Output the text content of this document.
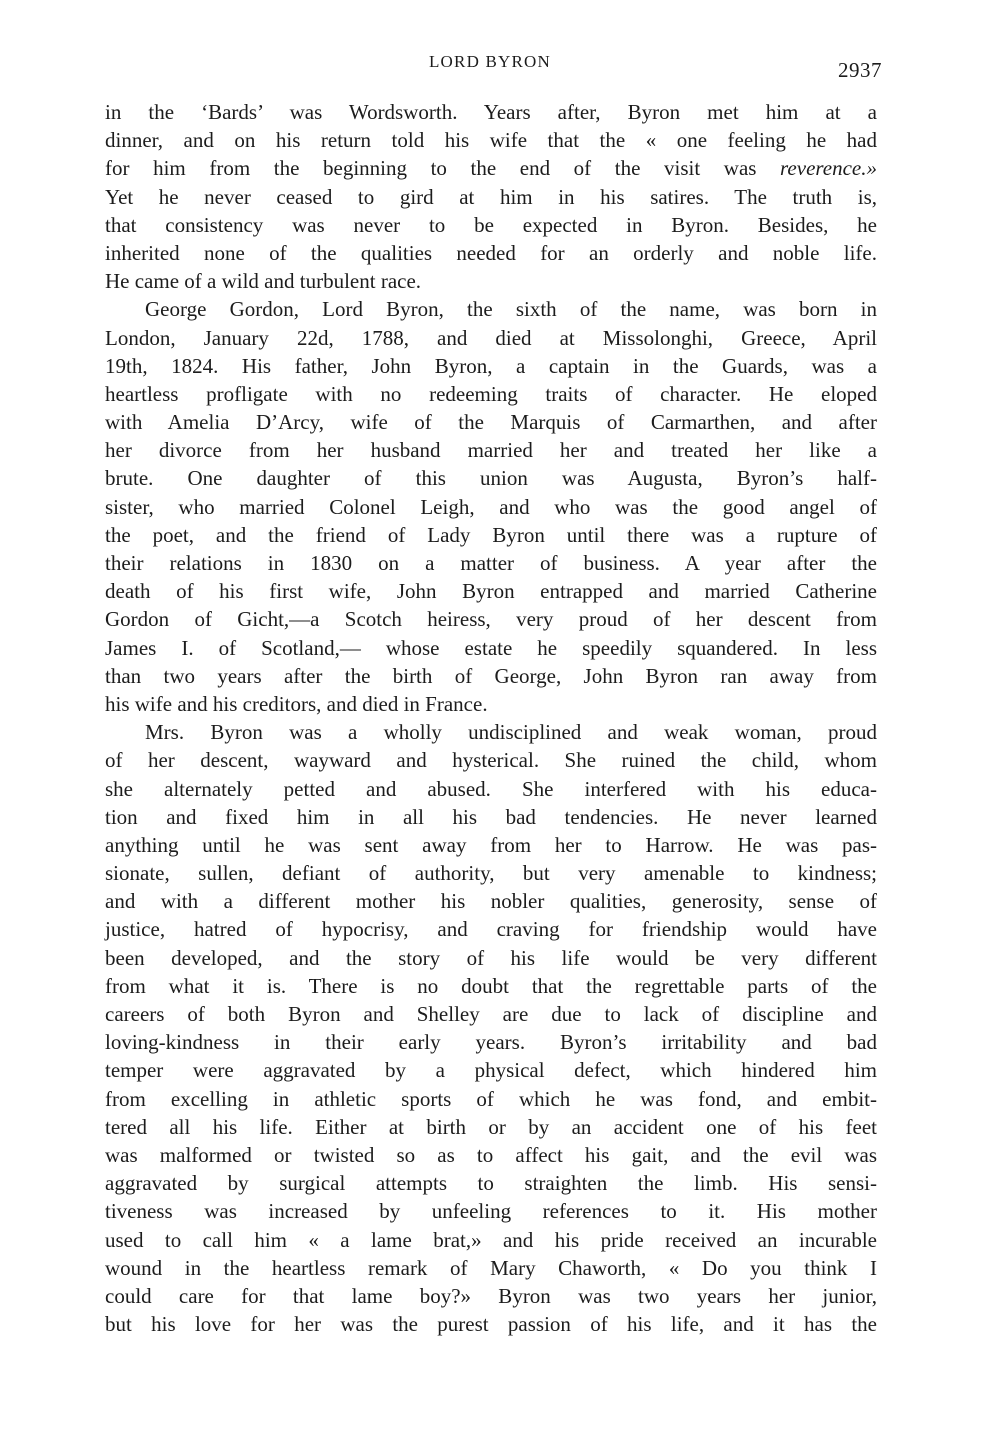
LORD BYRON	2937
in the ‘Bards’ was Wordsworth. Years after, Byron met him at a
dinner, and on his return told his wife that the « one feeling he had
for him from the beginning to the end of the visit was reverence.»
Yet he never ceased to gird at him in his satires. The truth is,
that consistency was never to be expected in Byron. Besides, he
inherited none of the qualities needed for an orderly and noble life.
He came of a wild and turbulent race.
George Gordon, Lord Byron, the sixth of the name, was born in
London, January 22d, 1788, and died at Missolonghi, Greece, April
19th, 1824. His father, John Byron, a captain in the Guards, was a
heartless profligate with no redeeming traits of character. He eloped
with Amelia D’Arcy, wife of the Marquis of Carmarthen, and after
her divorce from her husband married her and treated her like a
brute. One daughter of this union was Augusta, Byron’s half-
sister, who married Colonel Leigh, and who was the good angel of
the poet, and the friend of Lady Byron until there was a rupture of
their relations in 1830 on a matter of business. A year after the
death of his first wife, John Byron entrapped and married Catherine
Gordon of Gicht,—a Scotch heiress, very proud of her descent from
James I. of Scotland,— whose estate he speedily squandered. In less
than two years after the birth of George, John Byron ran away from
his wife and his creditors, and died in France.
Mrs. Byron was a wholly undisciplined and weak woman, proud
of her descent, wayward and hysterical. She ruined the child, whom
she alternately petted and abused. She interfered with his educa-
tion and fixed him in all his bad tendencies. He never learned
anything until he was sent away from her to Harrow. He was pas-
sionate, sullen, defiant of authority, but very amenable to kindness;
and with a different mother his nobler qualities, generosity, sense of
justice, hatred of hypocrisy, and craving for friendship would have
been developed, and the story of his life would be very different
from what it is. There is no doubt that the regrettable parts of the
careers of both Byron and Shelley are due to lack of discipline and
loving-kindness in their early years. Byron’s irritability and bad
temper were aggravated by a physical defect, which hindered him
from excelling in athletic sports of which he was fond, and embit-
tered all his life. Either at birth or by an accident one of his feet
was malformed or twisted so as to affect his gait, and the evil was
aggravated by surgical attempts to straighten the limb. His sensi-
tiveness was increased by unfeeling references to it. His mother
used to call him « a lame brat,» and his pride received an incurable
wound in the heartless remark of Mary Chaworth, « Do you think I
could care for that lame boy?» Byron was two years her junior,
but his love for her was the purest passion of his life, and it has the
